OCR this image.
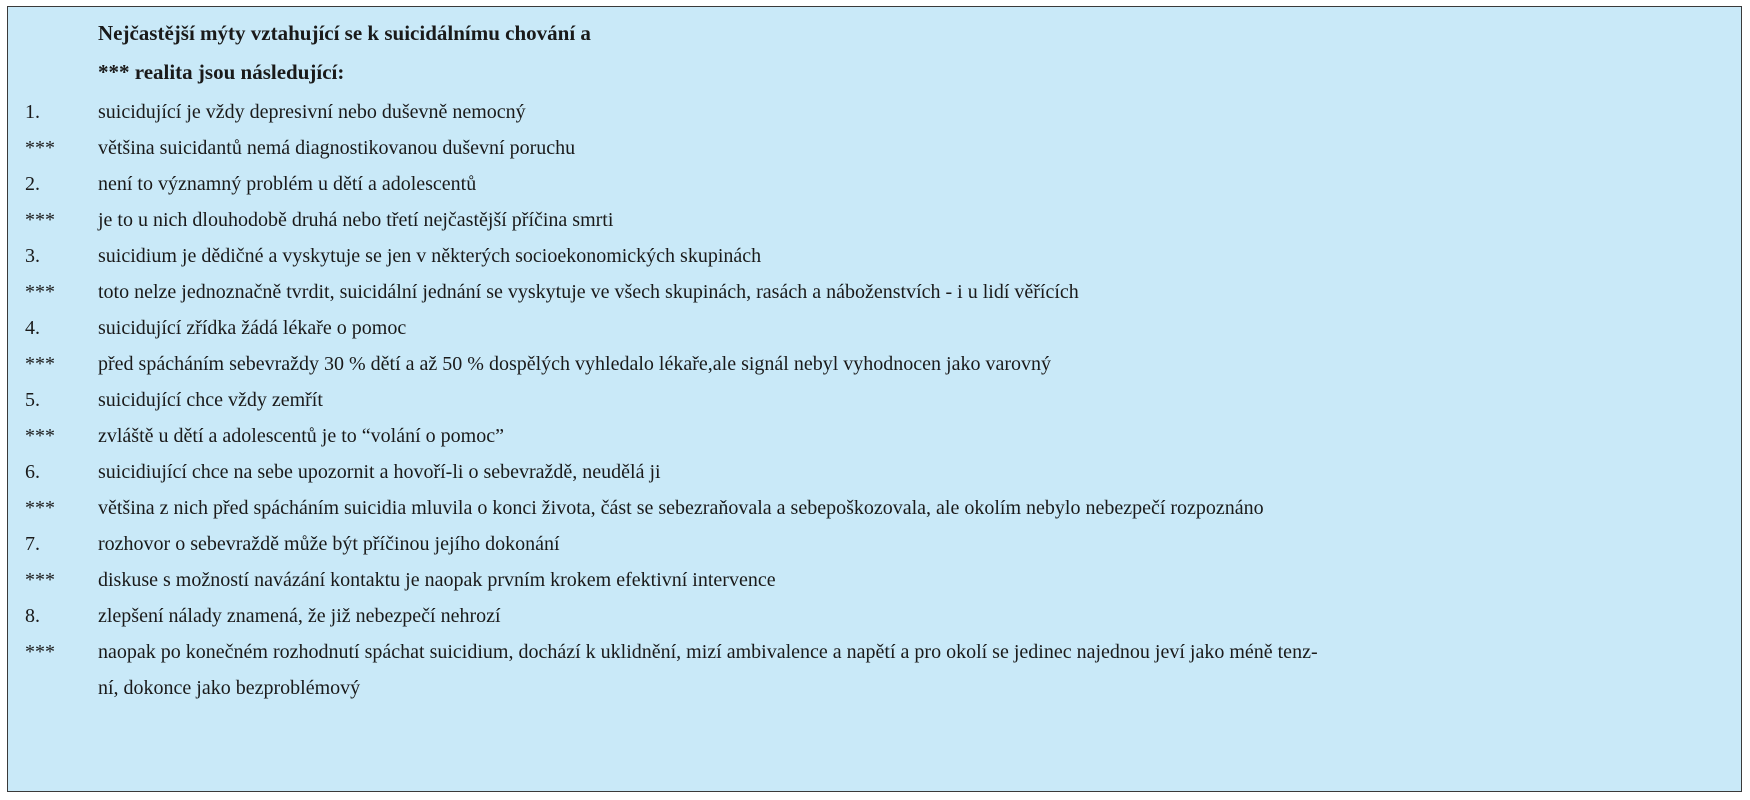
Nejčastější mýty vztahující se k suicidálnímu chování a
*** realita jsou následující:
1.	suicidující je vždy depresivní nebo duševně nemocný
***	většina suicidantů nemá diagnostikovanou duševní poruchu
2.	není to významný problém u dětí a adolescentů
***	je to u nich dlouhodobě druhá nebo třetí nejčastější příčina smrti
3.	suicidium je dědičné a vyskytuje se jen v některých socioekonomických skupinách
***	toto nelze jednoznačně tvrdit, suicidální jednání se vyskytuje ve všech skupinách, rasách a náboženstvích - i u lidí věřících
4.	suicidující zřídka žádá lékaře o pomoc
***	před spácháním sebevraždy 30 % dětí a až 50 % dospělých vyhledalo lékaře,ale signál nebyl vyhodnocen jako varovný
5.	suicidující chce vždy zemřít
***	zvláště u dětí a adolescentů je to “volání o pomoc”
6.	suicidiující chce na sebe upozornit a hovoří-li o sebevraždě, neudělá ji
***	většina z nich před spácháním suicidia mluvila o konci života, část se sebezraňovala a sebepoškozovala, ale okolím nebylo nebezpečí rozpoznáno
7.	rozhovor o sebevraždě může být příčinou jejího dokonání
***	diskuse s možností navázání kontaktu je naopak prvním krokem efektivní intervence
8.	zlepšení nálady znamená, že již nebezpečí nehrozí
***	naopak po konečném rozhodnutí spáchat suicidium, dochází k uklidnění, mizí ambivalence a napětí a pro okolí se jedinec najednou jeví jako méně tenz-
ní, dokonce jako bezproblémový
